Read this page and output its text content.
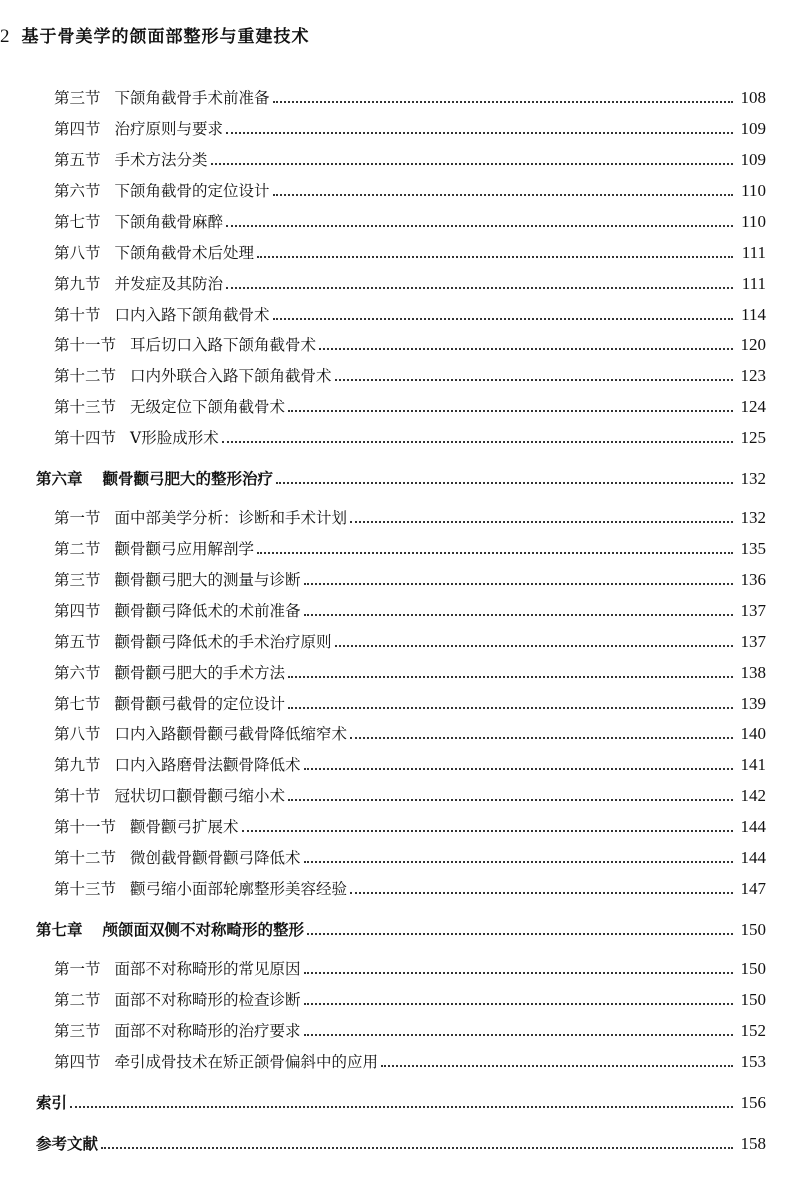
2 基于骨美学的颌面部整形与重建技术
第三节 下颌角截骨手术前准备	108
第四节 治疗原则与要求	109
第五节 手术方法分类	109
第六节 下颌角截骨的定位设计	110
第七节 下颌角截骨麻醉	110
第八节 下颌角截骨术后处理	111
第九节 并发症及其防治	111
第十节 口内入路下颌角截骨术	114
第十一节 耳后切口入路下颌角截骨术	120
第十二节 口内外联合入路下颌角截骨术	123
第十三节 无级定位下颌角截骨术	124
第十四节 V形脸成形术	125
第六章 颧骨颧弓肥大的整形治疗	132
第一节 面中部美学分析：诊断和手术计划	132
第二节 颧骨颧弓应用解剖学	135
第三节 颧骨颧弓肥大的测量与诊断	136
第四节 颧骨颧弓降低术的术前准备	137
第五节 颧骨颧弓降低术的手术治疗原则	137
第六节 颧骨颧弓肥大的手术方法	138
第七节 颧骨颧弓截骨的定位设计	139
第八节 口内入路颧骨颧弓截骨降低缩窄术	140
第九节 口内入路磨骨法颧骨降低术	141
第十节 冠状切口颧骨颧弓缩小术	142
第十一节 颧骨颧弓扩展术	144
第十二节 微创截骨颧骨颧弓降低术	144
第十三节 颧弓缩小面部轮廓整形美容经验	147
第七章 颅颌面双侧不对称畸形的整形	150
第一节 面部不对称畸形的常见原因	150
第二节 面部不对称畸形的检查诊断	150
第三节 面部不对称畸形的治疗要求	152
第四节 牵引成骨技术在矫正颌骨偏斜中的应用	153
索引	156
参考文献	158
